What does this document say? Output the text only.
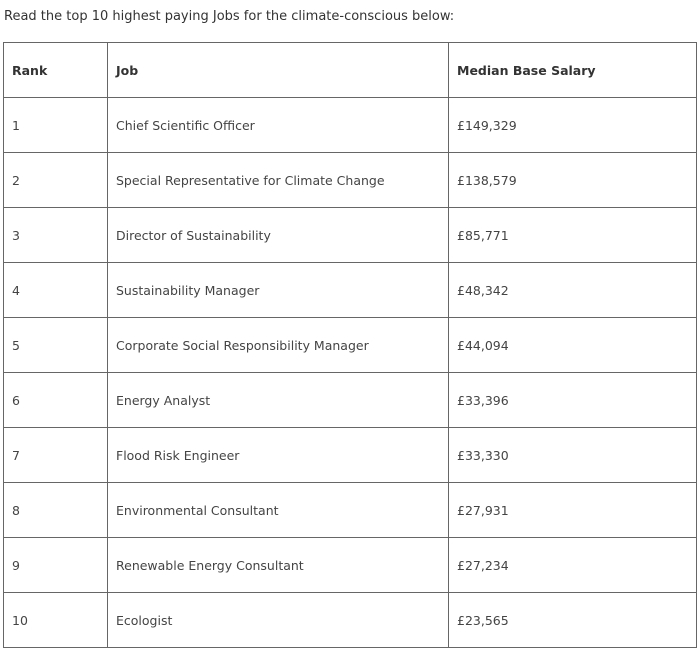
Read the top 10 highest paying Jobs for the climate-conscious below:

Rank	Job	Median Base Salary
1	Chief Scientific Officer	£149,329
2	Special Representative for Climate Change	£138,579
3	Director of Sustainability	£85,771
4	Sustainability Manager	£48,342
5	Corporate Social Responsibility Manager	£44,094
6	Energy Analyst	£33,396
7	Flood Risk Engineer	£33,330
8	Environmental Consultant	£27,931
9	Renewable Energy Consultant	£27,234
10	Ecologist	£23,565
